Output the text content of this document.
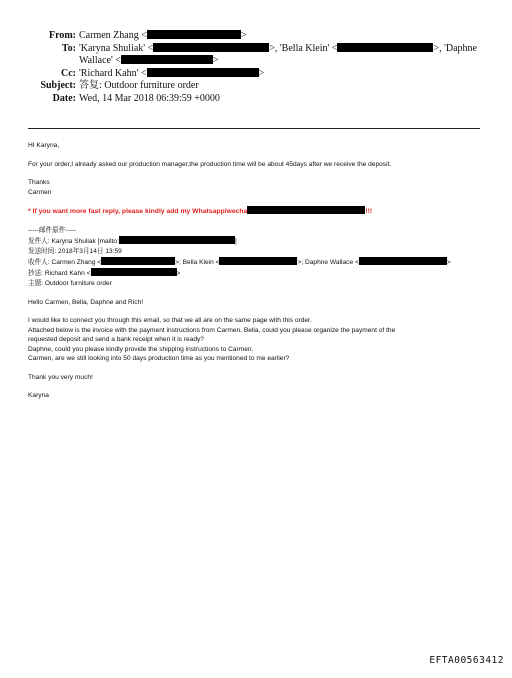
From: Carmen Zhang <	>
To: 'Karyna Shuliak' <	>, 'Bella Klein' <	>, 'Daphne
Wallace' <	>
Cc: 'Richard Kahn' <	>
Subject: 答复: Outdoor furniture order
Date: Wed, 14 Mar 2018 06:39:59 +0000

HI Karyna,

For your order,I already asked our production manager,the production time will be about 45days after we receive the deposit.

Thanks

Carmen

* If you want more fast reply, please kindly add my Whatsapp/wecha	!!!

-----邮件原件-----

发件人: Karyna Shuliak [mailto:	]

发送时间: 2018年3月14日 13:59

收件人: Carmen Zhang <	>; Bella Klein <	>; Daphne Wallace <	>

抄送: Richard Kahn <	>

主题: Outdoor furniture order

Hello Carmen, Bella, Daphne and Rich!

I would like to connect you through this email, so that we all are on the same page with this order.

Attached below is the invoice with the payment instructions from Carmen. Bella, could you please organize the payment of the

requested deposit and send a bank receipt when it is ready?

Daphne, could you please kindly provide the shipping instructions to Carmen.

Carmen, are we still looking into 50 days production time as you mentioned to me earlier?

Thank you very much!

Karyna

EFTA00563412
